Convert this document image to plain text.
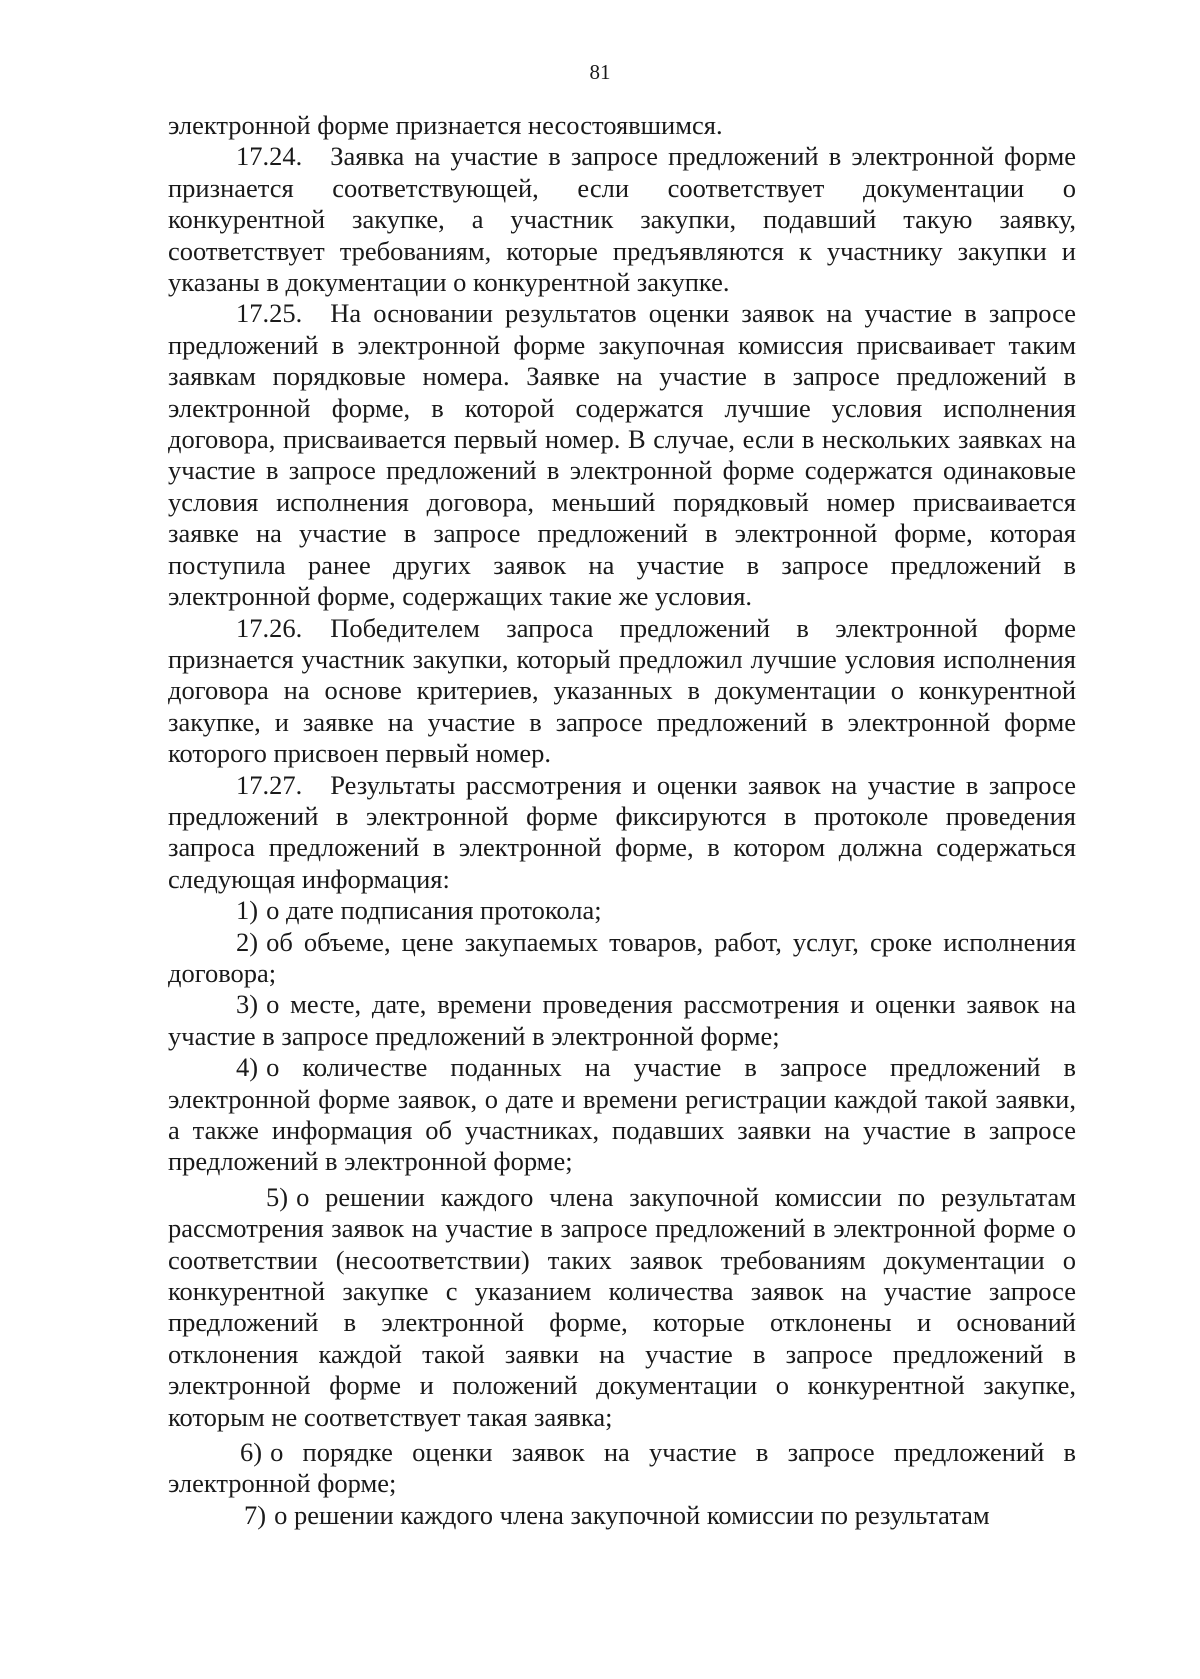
81

электронной форме признается несостоявшимся.

17.24. Заявка на участие в запросе предложений в электронной форме признается соответствующей, если соответствует документации о конкурентной закупке, а участник закупки, подавший такую заявку, соответствует требованиям, которые предъявляются к участнику закупки и указаны в документации о конкурентной закупке.

17.25. На основании результатов оценки заявок на участие в запросе предложений в электронной форме закупочная комиссия присваивает таким заявкам порядковые номера. Заявке на участие в запросе предложений в электронной форме, в которой содержатся лучшие условия исполнения договора, присваивается первый номер. В случае, если в нескольких заявках на участие в запросе предложений в электронной форме содержатся одинаковые условия исполнения договора, меньший порядковый номер присваивается заявке на участие в запросе предложений в электронной форме, которая поступила ранее других заявок на участие в запросе предложений в электронной форме, содержащих такие же условия.

17.26. Победителем запроса предложений в электронной форме признается участник закупки, который предложил лучшие условия исполнения договора на основе критериев, указанных в документации о конкурентной закупке, и заявке на участие в запросе предложений в электронной форме которого присвоен первый номер.

17.27. Результаты рассмотрения и оценки заявок на участие в запросе предложений в электронной форме фиксируются в протоколе проведения запроса предложений в электронной форме, в котором должна содержаться следующая информация:

1) о дате подписания протокола;

2) об объеме, цене закупаемых товаров, работ, услуг, сроке исполнения договора;

3) о месте, дате, времени проведения рассмотрения и оценки заявок на участие в запросе предложений в электронной форме;

4) о количестве поданных на участие в запросе предложений в электронной форме заявок, о дате и времени регистрации каждой такой заявки, а также информация об участниках, подавших заявки на участие в запросе предложений в электронной форме;

5) о решении каждого члена закупочной комиссии по результатам рассмотрения заявок на участие в запросе предложений в электронной форме о соответствии (несоответствии) таких заявок требованиям документации о конкурентной закупке с указанием количества заявок на участие запросе предложений в электронной форме, которые отклонены и оснований отклонения каждой такой заявки на участие в запросе предложений в электронной форме и положений документации о конкурентной закупке, которым не соответствует такая заявка;

6) о порядке оценки заявок на участие в запросе предложений в электронной форме;

7) о решении каждого члена закупочной комиссии по результатам
